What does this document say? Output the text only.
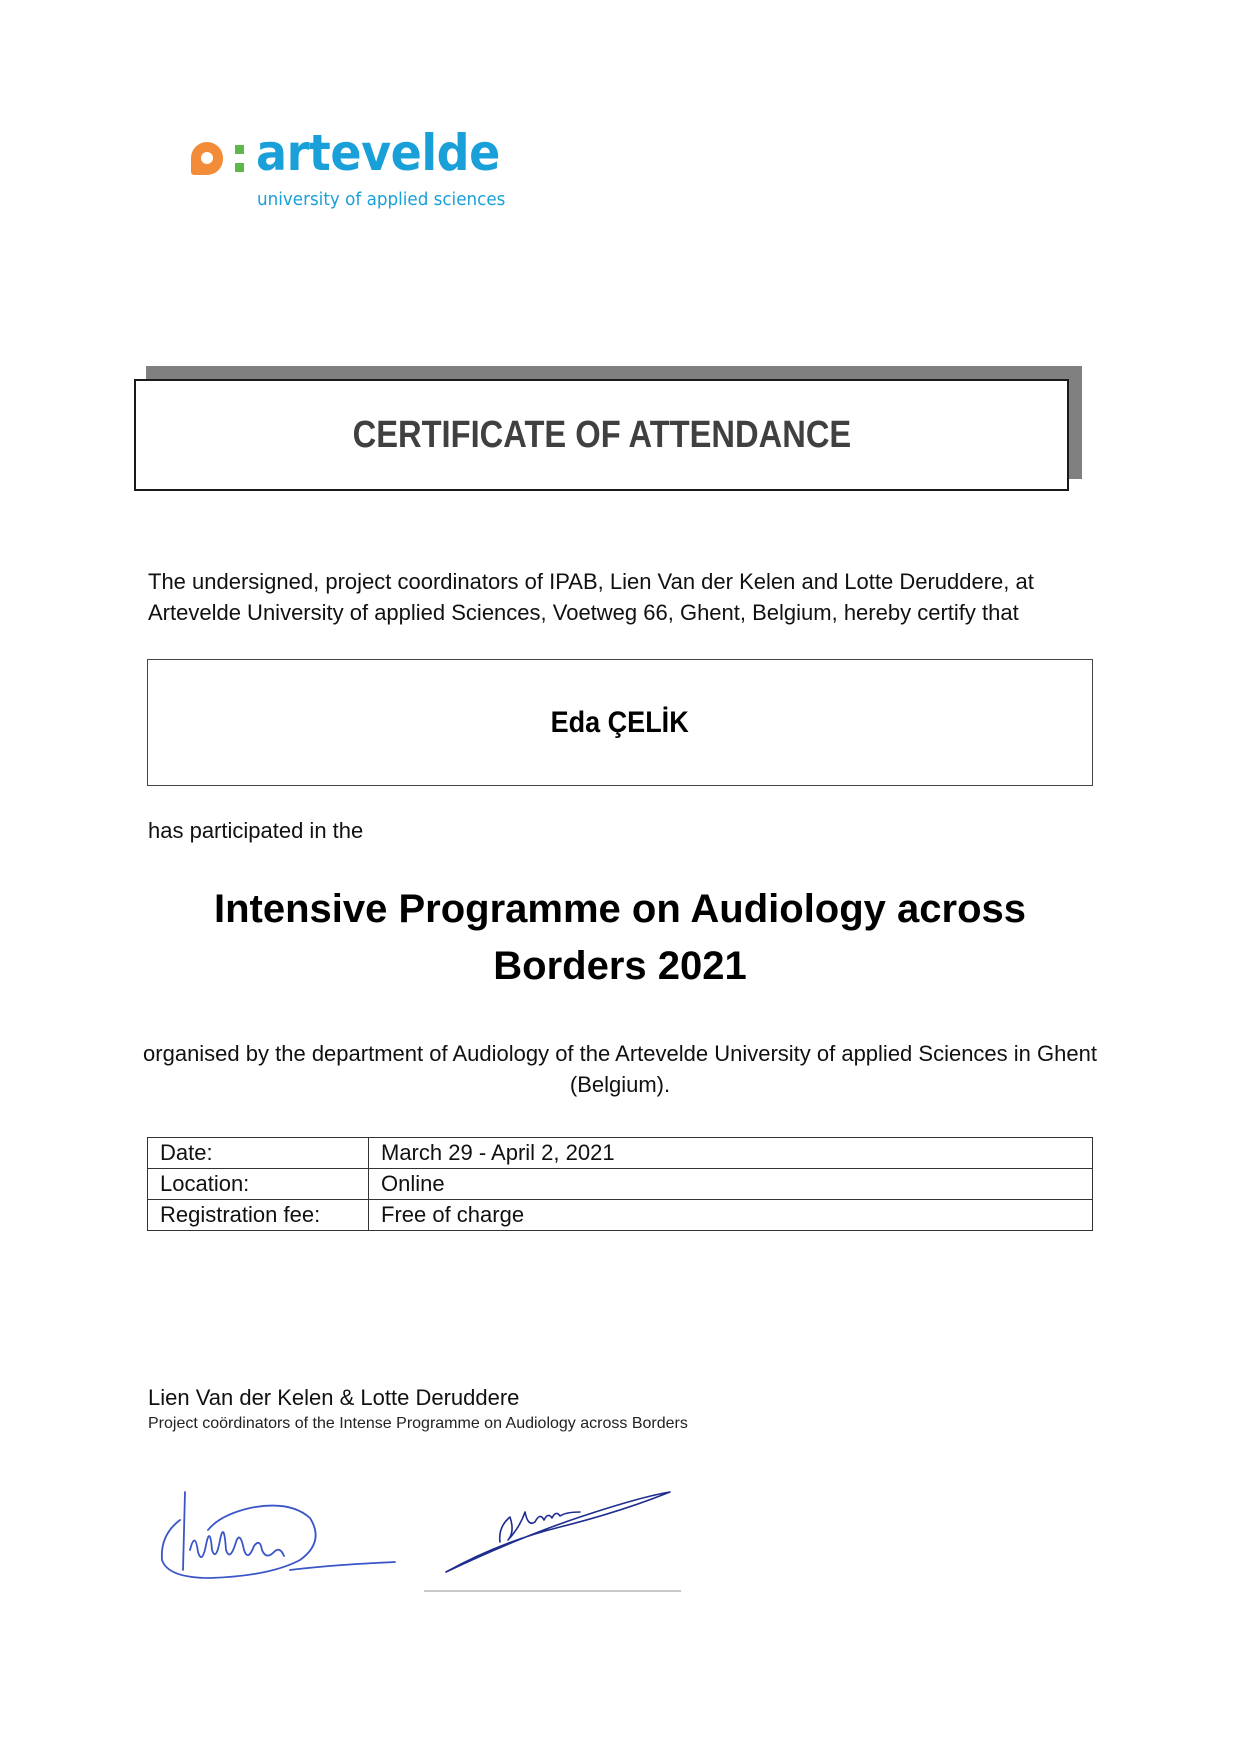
artevelde
university of applied sciences
CERTIFICATE OF ATTENDANCE
The undersigned, project coordinators of IPAB, Lien Van der Kelen and Lotte Deruddere, at Artevelde University of applied Sciences, Voetweg 66, Ghent, Belgium, hereby certify that
Eda ÇELİK
has participated in the
Intensive Programme on Audiology across Borders 2021
organised by the department of Audiology of the Artevelde University of applied Sciences in Ghent (Belgium).
Date:	March 29 - April 2, 2021
Location:	Online
Registration fee:	Free of charge
Lien Van der Kelen & Lotte Deruddere
Project coördinators of the Intense Programme on Audiology across Borders
